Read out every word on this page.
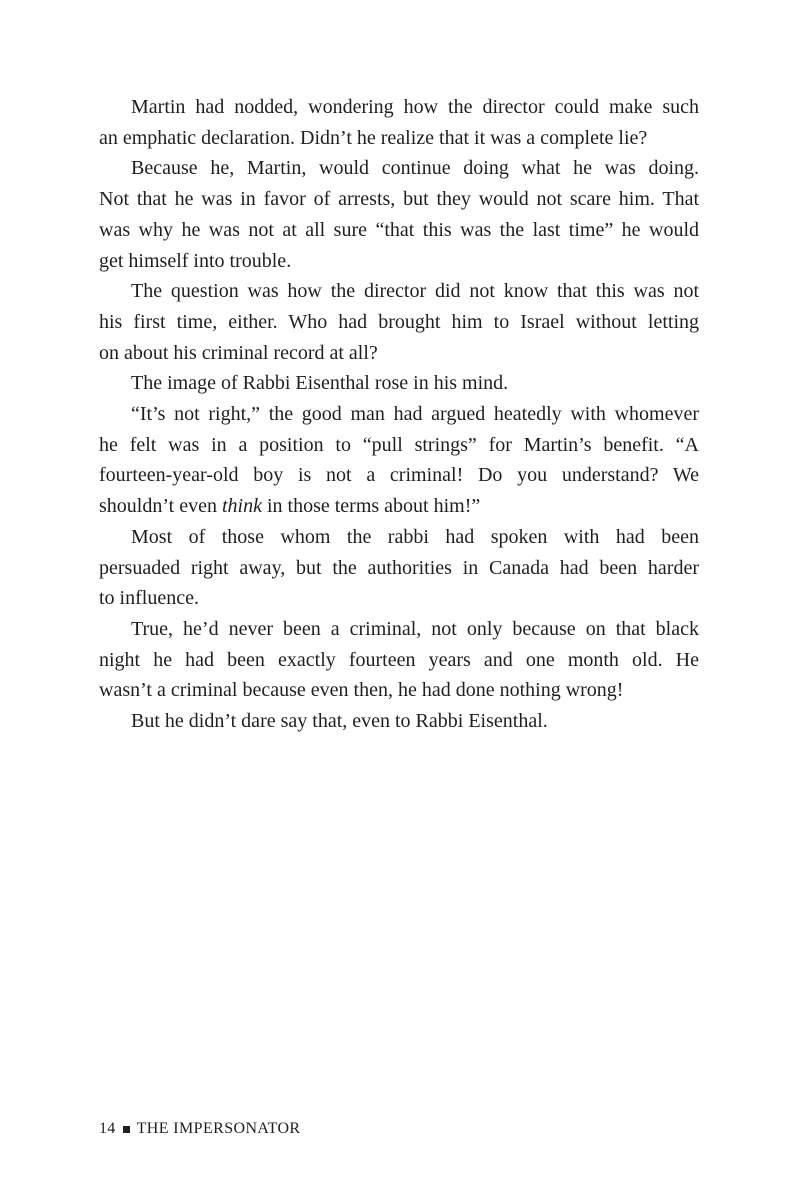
Martin had nodded, wondering how the director could make such
an emphatic declaration. Didn’t he realize that it was a complete lie?
Because he, Martin, would continue doing what he was doing.
Not that he was in favor of arrests, but they would not scare him. That
was why he was not at all sure “that this was the last time” he would
get himself into trouble.
The question was how the director did not know that this was not
his first time, either. Who had brought him to Israel without letting
on about his criminal record at all?
The image of Rabbi Eisenthal rose in his mind.
“It’s not right,” the good man had argued heatedly with whomever
he felt was in a position to “pull strings” for Martin’s benefit. “A
fourteen-year-old boy is not a criminal! Do you understand? We
shouldn’t even think in those terms about him!”
Most of those whom the rabbi had spoken with had been
persuaded right away, but the authorities in Canada had been harder
to influence.
True, he’d never been a criminal, not only because on that black
night he had been exactly fourteen years and one month old. He
wasn’t a criminal because even then, he had done nothing wrong!
But he didn’t dare say that, even to Rabbi Eisenthal.
14 THE IMPERSONATOR
